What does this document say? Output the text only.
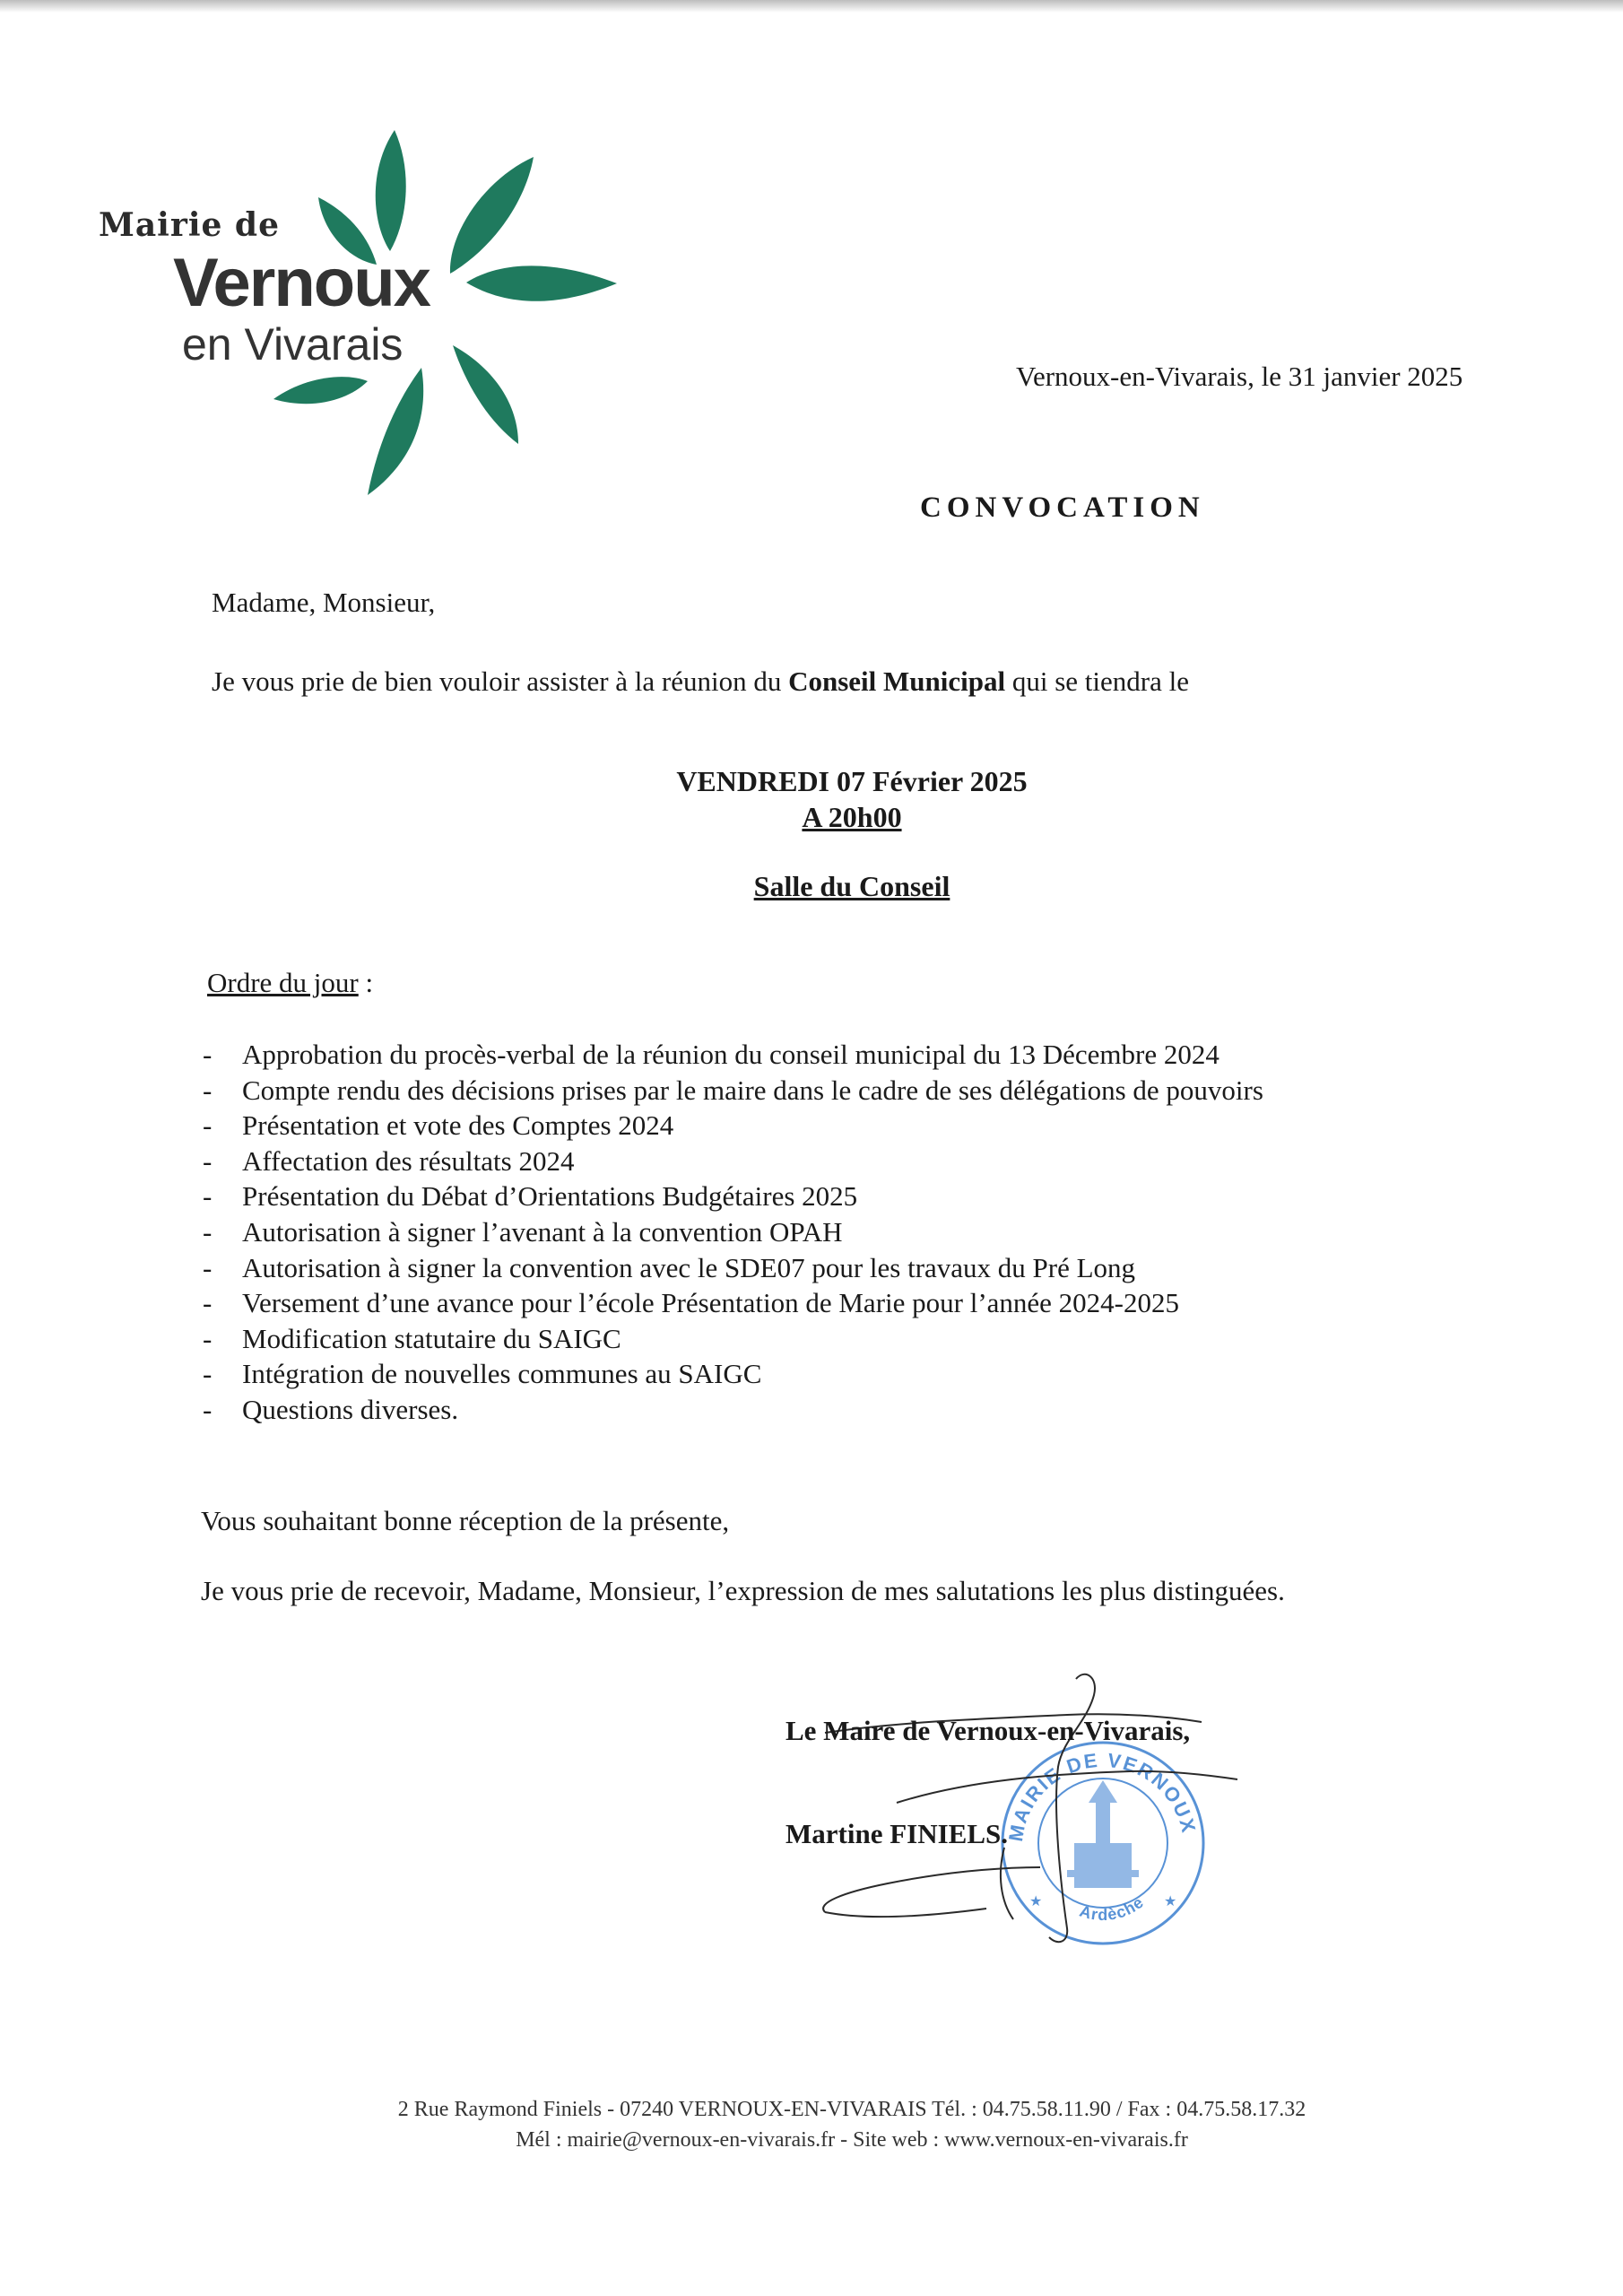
Mairie de
Vernoux
en Vivarais
Vernoux-en-Vivarais, le 31 janvier 2025
CONVOCATION
Madame, Monsieur,
Je vous prie de bien vouloir assister à la réunion du Conseil Municipal qui se tiendra le
VENDREDI 07 Février 2025
A 20h00
Salle du Conseil
Ordre du jour :
- Approbation du procès-verbal de la réunion du conseil municipal du 13 Décembre 2024
- Compte rendu des décisions prises par le maire dans le cadre de ses délégations de pouvoirs
- Présentation et vote des Comptes 2024
- Affectation des résultats 2024
- Présentation du Débat d’Orientations Budgétaires 2025
- Autorisation à signer l’avenant à la convention OPAH
- Autorisation à signer la convention avec le SDE07 pour les travaux du Pré Long
- Versement d’une avance pour l’école Présentation de Marie pour l’année 2024-2025
- Modification statutaire du SAIGC
- Intégration de nouvelles communes au SAIGC
- Questions diverses.
Vous souhaitant bonne réception de la présente,
Je vous prie de recevoir, Madame, Monsieur, l’expression de mes salutations les plus distinguées.
MAIRIE DE VERNOUX
Ardèche
★	★
Le Maire de Vernoux-en-Vivarais,
Martine FINIELS.
2 Rue Raymond Finiels - 07240 VERNOUX-EN-VIVARAIS Tél. : 04.75.58.11.90 / Fax : 04.75.58.17.32
Mél : mairie@vernoux-en-vivarais.fr - Site web : www.vernoux-en-vivarais.fr
